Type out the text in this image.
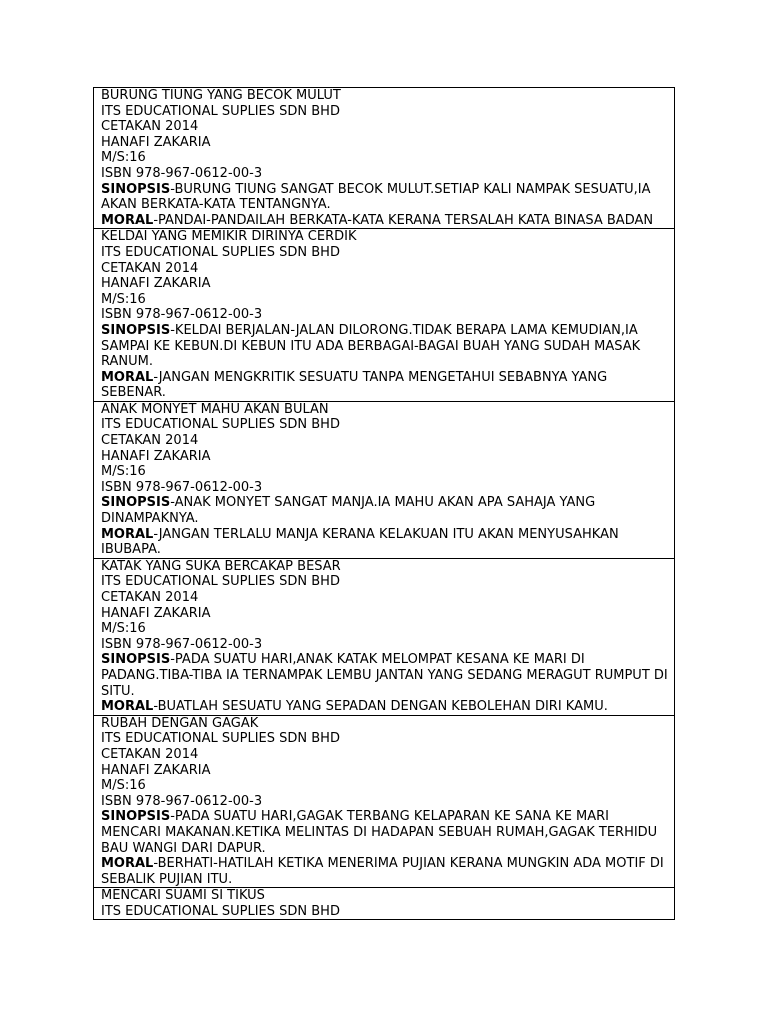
BURUNG TIUNG YANG BECOK MULUT
ITS EDUCATIONAL SUPLIES SDN BHD
CETAKAN 2014
HANAFI ZAKARIA
M/S:16
ISBN 978-967-0612-00-3
SINOPSIS-BURUNG TIUNG SANGAT BECOK MULUT.SETIAP KALI NAMPAK SESUATU,IA AKAN BERKATA-KATA TENTANGNYA.
MORAL-PANDAI-PANDAILAH BERKATA-KATA KERANA TERSALAH KATA BINASA BADAN
KELDAI YANG MEMIKIR DIRINYA CERDIK
ITS EDUCATIONAL SUPLIES SDN BHD
CETAKAN 2014
HANAFI ZAKARIA
M/S:16
ISBN 978-967-0612-00-3
SINOPSIS-KELDAI BERJALAN-JALAN DILORONG.TIDAK BERAPA LAMA KEMUDIAN,IA SAMPAI KE KEBUN.DI KEBUN ITU ADA BERBAGAI-BAGAI BUAH YANG SUDAH MASAK RANUM.
MORAL-JANGAN MENGKRITIK SESUATU TANPA MENGETAHUI SEBABNYA YANG SEBENAR.
ANAK MONYET MAHU AKAN BULAN
ITS EDUCATIONAL SUPLIES SDN BHD
CETAKAN 2014
HANAFI ZAKARIA
M/S:16
ISBN 978-967-0612-00-3
SINOPSIS-ANAK MONYET SANGAT MANJA.IA MAHU AKAN APA SAHAJA YANG DINAMPAKNYA.
MORAL-JANGAN TERLALU MANJA KERANA KELAKUAN ITU AKAN MENYUSAHKAN IBUBAPA.
KATAK YANG SUKA BERCAKAP BESAR
ITS EDUCATIONAL SUPLIES SDN BHD
CETAKAN 2014
HANAFI ZAKARIA
M/S:16
ISBN 978-967-0612-00-3
SINOPSIS-PADA SUATU HARI,ANAK KATAK MELOMPAT KESANA KE MARI DI PADANG.TIBA-TIBA IA TERNAMPAK LEMBU JANTAN YANG SEDANG MERAGUT RUMPUT DI SITU.
MORAL-BUATLAH SESUATU YANG SEPADAN DENGAN KEBOLEHAN DIRI KAMU.
RUBAH DENGAN GAGAK
ITS EDUCATIONAL SUPLIES SDN BHD
CETAKAN 2014
HANAFI ZAKARIA
M/S:16
ISBN 978-967-0612-00-3
SINOPSIS-PADA SUATU HARI,GAGAK TERBANG KELAPARAN KE SANA KE MARI MENCARI MAKANAN.KETIKA MELINTAS DI HADAPAN SEBUAH RUMAH,GAGAK TERHIDU BAU WANGI DARI DAPUR.
MORAL-BERHATI-HATILAH KETIKA MENERIMA PUJIAN KERANA MUNGKIN ADA MOTIF DI SEBALIK PUJIAN ITU.
MENCARI SUAMI SI TIKUS
ITS EDUCATIONAL SUPLIES SDN BHD
